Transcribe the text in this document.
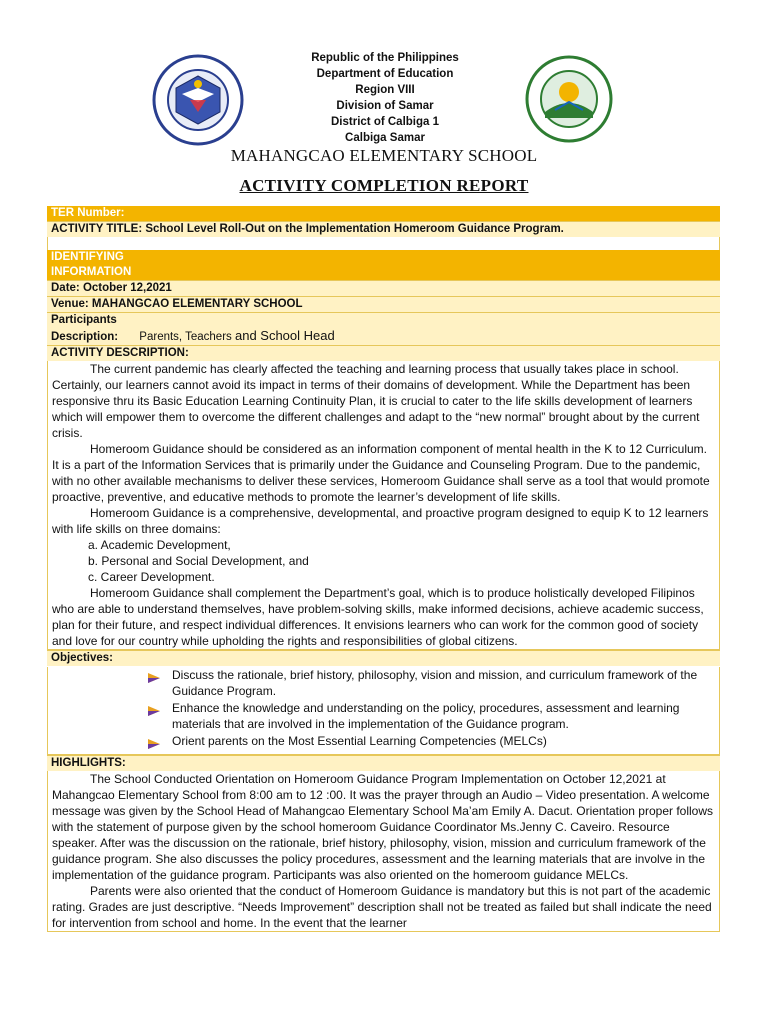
Republic of the Philippines
Department of Education
Region VIII
Division of Samar
District of Calbiga 1
Calbiga Samar
MAHANGCAO ELEMENTARY SCHOOL
ACTIVITY COMPLETION REPORT
TER Number:
ACTIVITY TITLE: School Level Roll-Out on the Implementation Homeroom Guidance Program.
IDENTIFYING
INFORMATION
Date: October 12,2021
Venue: MAHANGCAO ELEMENTARY SCHOOL
Participants
Description: Parents, Teachers and School Head
ACTIVITY DESCRIPTION:

The current pandemic has clearly affected the teaching and learning process that usually takes place in school. Certainly, our learners cannot avoid its impact in terms of their domains of development. While the Department has been responsive thru its Basic Education Learning Continuity Plan, it is crucial to cater to the life skills development of learners which will empower them to overcome the different challenges and adapt to the “new normal” brought about by the current crisis.

Homeroom Guidance should be considered as an information component of mental health in the K to 12 Curriculum. It is a part of the Information Services that is primarily under the Guidance and Counseling Program. Due to the pandemic, with no other available mechanisms to deliver these services, Homeroom Guidance shall serve as a tool that would promote proactive, preventive, and educative methods to promote the learner’s development of life skills.

Homeroom Guidance is a comprehensive, developmental, and proactive program designed to equip K to 12 learners with life skills on three domains:

a. Academic Development,

b. Personal and Social Development, and

c. Career Development.

Homeroom Guidance shall complement the Department’s goal, which is to produce holistically developed Filipinos who are able to understand themselves, have problem-solving skills, make informed decisions, achieve academic success, plan for their future, and respect individual differences. It envisions learners who can work for the common good of society and love for our country while upholding the rights and responsibilities of global citizens.

Objectives:
Discuss the rationale, brief history, philosophy, vision and mission, and curriculum framework of the Guidance Program.
Enhance the knowledge and understanding on the policy, procedures, assessment and learning materials that are involved in the implementation of the Guidance program.
Orient parents on the Most Essential Learning Competencies (MELCs)
HIGHLIGHTS:

The School Conducted Orientation on Homeroom Guidance Program Implementation on October 12,2021 at Mahangcao Elementary School from 8:00 am to 12 :00. It was the prayer through an Audio – Video presentation. A welcome message was given by the School Head of Mahangcao Elementary School Ma’am Emily A. Dacut. Orientation proper follows with the statement of purpose given by the school homeroom Guidance Coordinator Ms.Jenny C. Caveiro. Resource speaker. After was the discussion on the rationale, brief history, philosophy, vision, mission and curriculum framework of the guidance program. She also discusses the policy procedures, assessment and the learning materials that are involve in the implementation of the guidance program. Participants was also oriented on the homeroom guidance MELCs.

Parents were also oriented that the conduct of Homeroom Guidance is mandatory but this is not part of the academic rating. Grades are just descriptive. “Needs Improvement” description shall not be treated as failed but shall indicate the need for intervention from school and home. In the event that the learner
